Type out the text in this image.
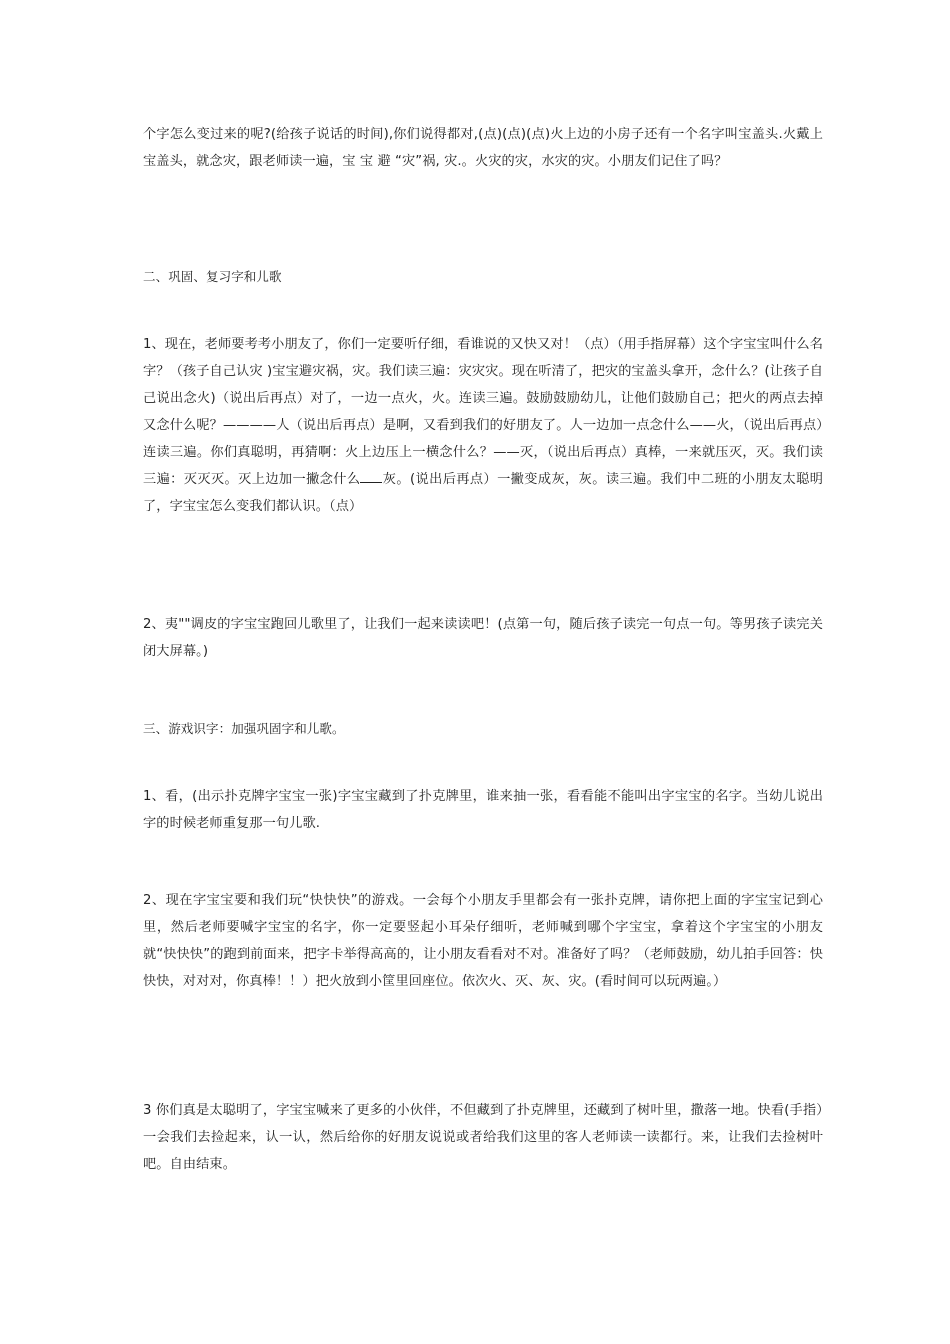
个字怎么变过来的呢?(给孩子说话的时间),你们说得都对,(点)(点)(点)火上边的小房子还有一个名字叫宝盖头.火戴上宝盖头，就念灾，跟老师读一遍，宝 宝 避 “灾”祸, 灾.。火灾的灾，水灾的灾。小朋友们记住了吗？

二、巩固、复习字和儿歌

1、现在，老师要考考小朋友了，你们一定要听仔细，看谁说的又快又对！（点）（用手指屏幕）这个字宝宝叫什么名字？（孩子自己认灾 )宝宝避灾祸，灾。我们读三遍：灾灾灾。现在听清了，把灾的宝盖头拿开，念什么？(让孩子自己说出念火)（说出后再点）对了，一边一点火，火。连读三遍。鼓励鼓励幼儿，让他们鼓励自己；把火的两点去掉又念什么呢？————人（说出后再点）是啊，又看到我们的好朋友了。人一边加一点念什么——火，（说出后再点）连读三遍。你们真聪明，再猜啊：火上边压上一横念什么？——灭，（说出后再点）真棒，一来就压灭，灭。我们读三遍：灭灭灭。灭上边加一撇念什么 灰。(说出后再点）一撇变成灰，灰。读三遍。我们中二班的小朋友太聪明了，字宝宝怎么变我们都认识。（点）

2、夷""调皮的字宝宝跑回儿歌里了，让我们一起来读读吧！(点第一句，随后孩子读完一句点一句。等男孩子读完关闭大屏幕。)

三、游戏识字：加强巩固字和儿歌。

1、看，(出示扑克牌字宝宝一张)字宝宝藏到了扑克牌里，谁来抽一张，看看能不能叫出字宝宝的名字。当幼儿说出字的时候老师重复那一句儿歌.

2、现在字宝宝要和我们玩“快快快”的游戏。一会每个小朋友手里都会有一张扑克牌，请你把上面的字宝宝记到心里，然后老师要喊字宝宝的名字，你一定要竖起小耳朵仔细听，老师喊到哪个字宝宝，拿着这个字宝宝的小朋友就“快快快”的跑到前面来，把字卡举得高高的，让小朋友看看对不对。准备好了吗？（老师鼓励，幼儿拍手回答：快快快，对对对，你真棒！！）把火放到小筐里回座位。依次火、灭、灰、灾。(看时间可以玩两遍。）

3 你们真是太聪明了，字宝宝喊来了更多的小伙伴，不但藏到了扑克牌里，还藏到了树叶里，撒落一地。快看(手指）一会我们去捡起来，认一认，然后给你的好朋友说说或者给我们这里的客人老师读一读都行。来，让我们去捡树叶吧。自由结束。
